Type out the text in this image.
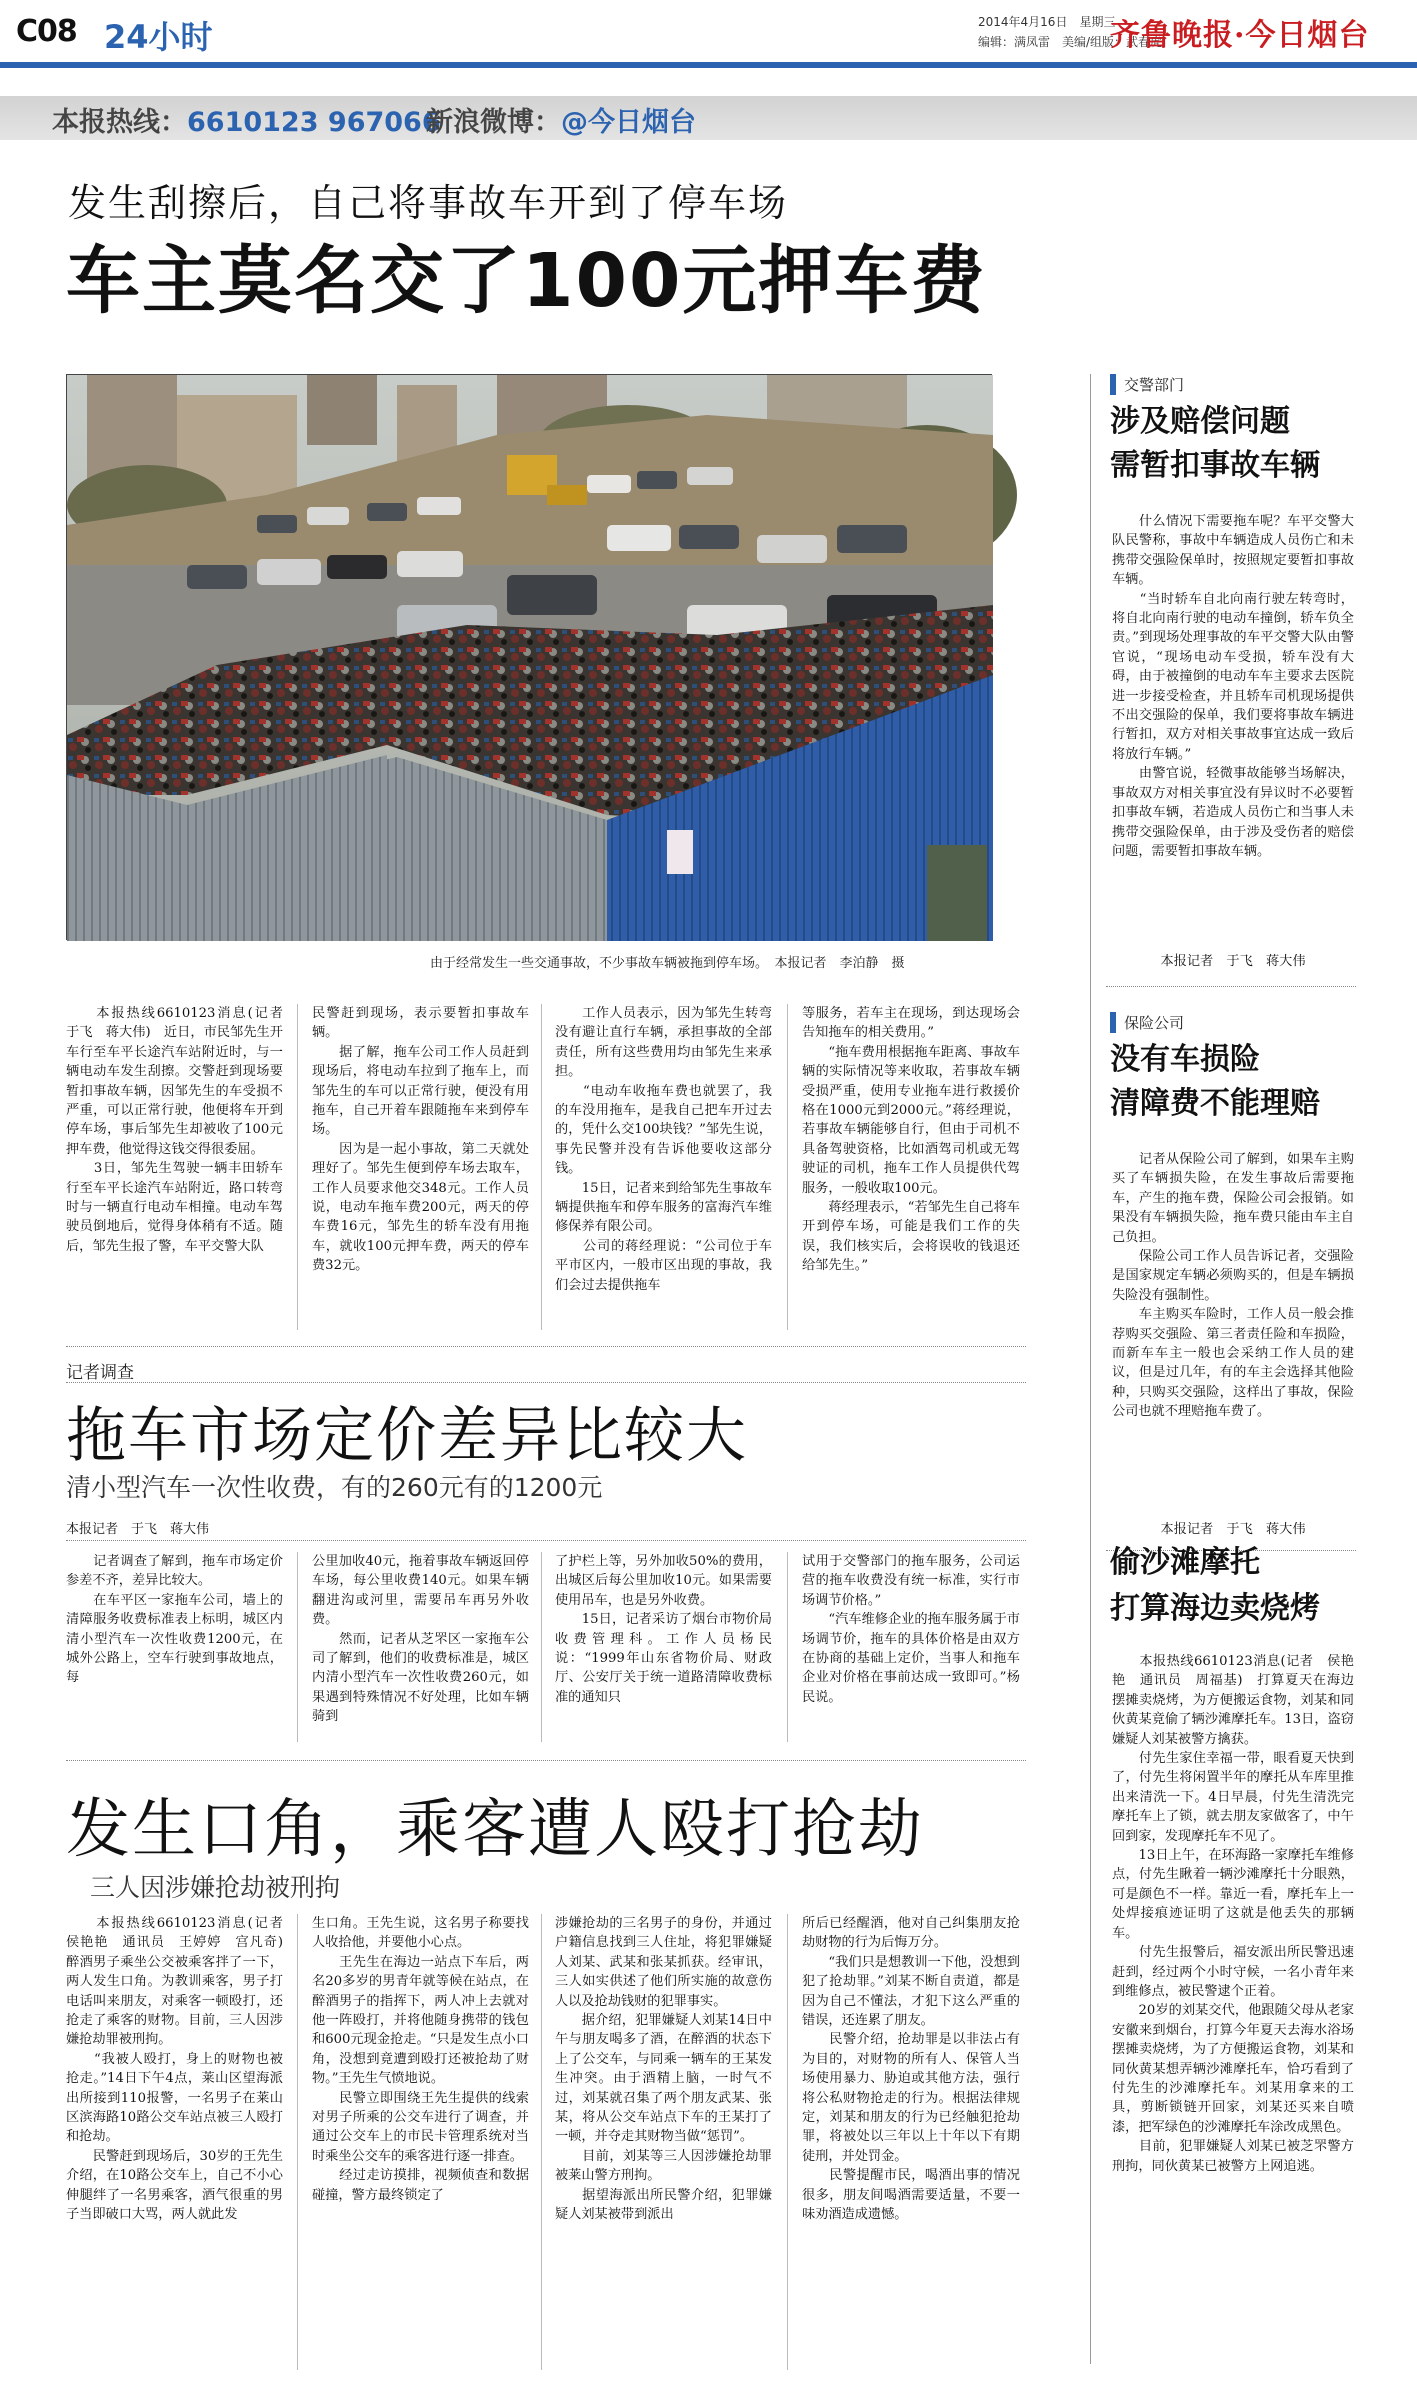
C08 24小时	2014年4月16日　星期三
编辑：满凤雷　美编/组版：武春虎
齐鲁晚报·今日烟台
本报热线：6610123 967066
新浪微博：@今日烟台
发生刮擦后，自己将事故车开到了停车场
车主莫名交了100元押车费
由于经常发生一些交通事故，不少事故车辆被拖到停车场。　本报记者　李泊静　摄
　　本报热线6610123消息(记者　于飞　蒋大伟)　近日，市民邹先生开车行至车平长途汽车站附近时，与一辆电动车发生刮擦。交警赶到现场要暂扣事故车辆，因邹先生的车受损不严重，可以正常行驶，他便将车开到停车场，事后邹先生却被收了100元押车费，他觉得这钱交得很委屈。
　　3日，邹先生驾驶一辆丰田轿车行至车平长途汽车站附近，路口转弯时与一辆直行电动车相撞。电动车驾驶员倒地后，觉得身体稍有不适。随后，邹先生报了警，车平交警大队
民警赶到现场，表示要暂扣事故车辆。
　　据了解，拖车公司工作人员赶到现场后，将电动车拉到了拖车上，而邹先生的车可以正常行驶，便没有用拖车，自己开着车跟随拖车来到停车场。
　　因为是一起小事故，第二天就处理好了。邹先生便到停车场去取车，工作人员要求他交348元。工作人员说，电动车拖车费200元，两天的停车费16元，邹先生的轿车没有用拖车，就收100元押车费，两天的停车费32元。
　　工作人员表示，因为邹先生转弯没有避让直行车辆，承担事故的全部责任，所有这些费用均由邹先生来承担。
　　“电动车收拖车费也就罢了，我的车没用拖车，是我自己把车开过去的，凭什么交100块钱？”邹先生说，事先民警并没有告诉他要收这部分钱。
　　15日，记者来到给邹先生事故车辆提供拖车和停车服务的富海汽车维修保养有限公司。
　　公司的蒋经理说：“公司位于车平市区内，一般市区出现的事故，我们会过去提供拖车
等服务，若车主在现场，到达现场会告知拖车的相关费用。”
　　“拖车费用根据拖车距离、事故车辆的实际情况等来收取，若事故车辆受损严重，使用专业拖车进行救援价格在1000元到2000元。”蒋经理说，若事故车辆能够自行，但由于司机不具备驾驶资格，比如酒驾司机或无驾驶证的司机，拖车工作人员提供代驾服务，一般收取100元。
　　蒋经理表示，“若邹先生自己将车开到停车场，可能是我们工作的失误，我们核实后，会将误收的钱退还给邹先生。”
交警部门
涉及赔偿问题
需暂扣事故车辆
　　什么情况下需要拖车呢？车平交警大队民警称，事故中车辆造成人员伤亡和未携带交强险保单时，按照规定要暂扣事故车辆。
　　“当时轿车自北向南行驶左转弯时，将自北向南行驶的电动车撞倒，轿车负全责。”到现场处理事故的车平交警大队由警官说，“现场电动车受损，轿车没有大碍，由于被撞倒的电动车车主要求去医院进一步接受检查，并且轿车司机现场提供不出交强险的保单，我们要将事故车辆进行暂扣，双方对相关事故事宜达成一致后将放行车辆。”
　　由警官说，轻微事故能够当场解决，事故双方对相关事宜没有异议时不必要暂扣事故车辆，若造成人员伤亡和当事人未携带交强险保单，由于涉及受伤者的赔偿问题，需要暂扣事故车辆。
本报记者　于飞　蒋大伟
保险公司
没有车损险
清障费不能理赔
　　记者从保险公司了解到，如果车主购买了车辆损失险，在发生事故后需要拖车，产生的拖车费，保险公司会报销。如果没有车辆损失险，拖车费只能由车主自己负担。
　　保险公司工作人员告诉记者，交强险是国家规定车辆必须购买的，但是车辆损失险没有强制性。
　　车主购买车险时，工作人员一般会推荐购买交强险、第三者责任险和车损险，而新车车主一般也会采纳工作人员的建议，但是过几年，有的车主会选择其他险种，只购买交强险，这样出了事故，保险公司也就不理赔拖车费了。
本报记者　于飞　蒋大伟
偷沙滩摩托
打算海边卖烧烤
　　本报热线6610123消息(记者　侯艳艳　通讯员　周福基)　打算夏天在海边摆摊卖烧烤，为方便搬运食物，刘某和同伙黄某竟偷了辆沙滩摩托车。13日，盗窃嫌疑人刘某被警方擒获。
　　付先生家住幸福一带，眼看夏天快到了，付先生将闲置半年的摩托从车库里推出来清洗一下。4日早晨，付先生清洗完摩托车上了锁，就去朋友家做客了，中午回到家，发现摩托车不见了。
　　13日上午，在环海路一家摩托车维修点，付先生瞅着一辆沙滩摩托十分眼熟，可是颜色不一样。靠近一看，摩托车上一处焊接痕迹证明了这就是他丢失的那辆车。
　　付先生报警后，福安派出所民警迅速赶到，经过两个小时守候，一名小青年来到维修点，被民警逮个正着。
　　20岁的刘某交代，他跟随父母从老家安徽来到烟台，打算今年夏天去海水浴场摆摊卖烧烤，为了方便搬运食物，刘某和同伙黄某想弄辆沙滩摩托车，恰巧看到了付先生的沙滩摩托车。刘某用拿来的工具，剪断锁链开回家，刘某还买来自喷漆，把军绿色的沙滩摩托车涂改成黑色。
　　目前，犯罪嫌疑人刘某已被芝罘警方刑拘，同伙黄某已被警方上网追逃。
记者调查
拖车市场定价差异比较大
清小型汽车一次性收费，有的260元有的1200元
本报记者　于飞　蒋大伟
　　记者调查了解到，拖车市场定价参差不齐，差异比较大。
　　在车平区一家拖车公司，墙上的清障服务收费标准表上标明，城区内清小型汽车一次性收费1200元，在城外公路上，空车行驶到事故地点，每
公里加收40元，拖着事故车辆返回停车场，每公里收费140元。如果车辆翻进沟或河里，需要吊车再另外收费。
　　然而，记者从芝罘区一家拖车公司了解到，他们的收费标准是，城区内清小型汽车一次性收费260元，如果遇到特殊情况不好处理，比如车辆骑到
了护栏上等，另外加收50%的费用，出城区后每公里加收10元。如果需要使用吊车，也是另外收费。
　　15日，记者采访了烟台市物价局收费管理科。工作人员杨民说：“1999年山东省物价局、财政厅、公安厅关于统一道路清障收费标准的通知只
试用于交警部门的拖车服务，公司运营的拖车收费没有统一标准，实行市场调节价格。”
　　“汽车维修企业的拖车服务属于市场调节价，拖车的具体价格是由双方在协商的基础上定价，当事人和拖车企业对价格在事前达成一致即可。”杨民说。
发生口角，乘客遭人殴打抢劫
三人因涉嫌抢劫被刑拘
　　本报热线6610123消息(记者　侯艳艳　通讯员　王婷婷　宫凡奇)　醉酒男子乘坐公交被乘客拌了一下，两人发生口角。为教训乘客，男子打电话叫来朋友，对乘客一顿殴打，还抢走了乘客的财物。目前，三人因涉嫌抢劫罪被刑拘。
　　“我被人殴打，身上的财物也被抢走。”14日下午4点，莱山区望海派出所接到110报警，一名男子在莱山区滨海路10路公交车站点被三人殴打和抢劫。
　　民警赶到现场后，30岁的王先生介绍，在10路公交车上，自己不小心伸腿绊了一名男乘客，酒气很重的男子当即破口大骂，两人就此发
生口角。王先生说，这名男子称要找人收拾他，并要他小心点。
　　王先生在海边一站点下车后，两名20多岁的男青年就等候在站点，在醉酒男子的指挥下，两人冲上去就对他一阵殴打，并将他随身携带的钱包和600元现金抢走。“只是发生点小口角，没想到竟遭到殴打还被抢劫了财物。”王先生气愤地说。
　　民警立即围绕王先生提供的线索对男子所乘的公交车进行了调查，并通过公交车上的市民卡管理系统对当时乘坐公交车的乘客进行逐一排查。
　　经过走访摸排，视频侦查和数据碰撞，警方最终锁定了
涉嫌抢劫的三名男子的身份，并通过户籍信息找到三人住址，将犯罪嫌疑人刘某、武某和张某抓获。经审讯，三人如实供述了他们所实施的故意伤人以及抢劫钱财的犯罪事实。
　　据介绍，犯罪嫌疑人刘某14日中午与朋友喝多了酒，在醉酒的状态下上了公交车，与同乘一辆车的王某发生冲突。由于酒精上脑，一时气不过，刘某就召集了两个朋友武某、张某，将从公交车站点下车的王某打了一顿，并夺走其财物当做“惩罚”。
　　目前，刘某等三人因涉嫌抢劫罪被莱山警方刑拘。
　　据望海派出所民警介绍，犯罪嫌疑人刘某被带到派出
所后已经醒酒，他对自己纠集朋友抢劫财物的行为后悔万分。
　　“我们只是想教训一下他，没想到犯了抢劫罪。”刘某不断自责道，都是因为自己不懂法，才犯下这么严重的错误，还连累了朋友。
　　民警介绍，抢劫罪是以非法占有为目的，对财物的所有人、保管人当场使用暴力、胁迫或其他方法，强行将公私财物抢走的行为。根据法律规定，刘某和朋友的行为已经触犯抢劫罪，将被处以三年以上十年以下有期徒刑，并处罚金。
　　民警提醒市民，喝酒出事的情况很多，朋友间喝酒需要适量，不要一味劝酒造成遗憾。
